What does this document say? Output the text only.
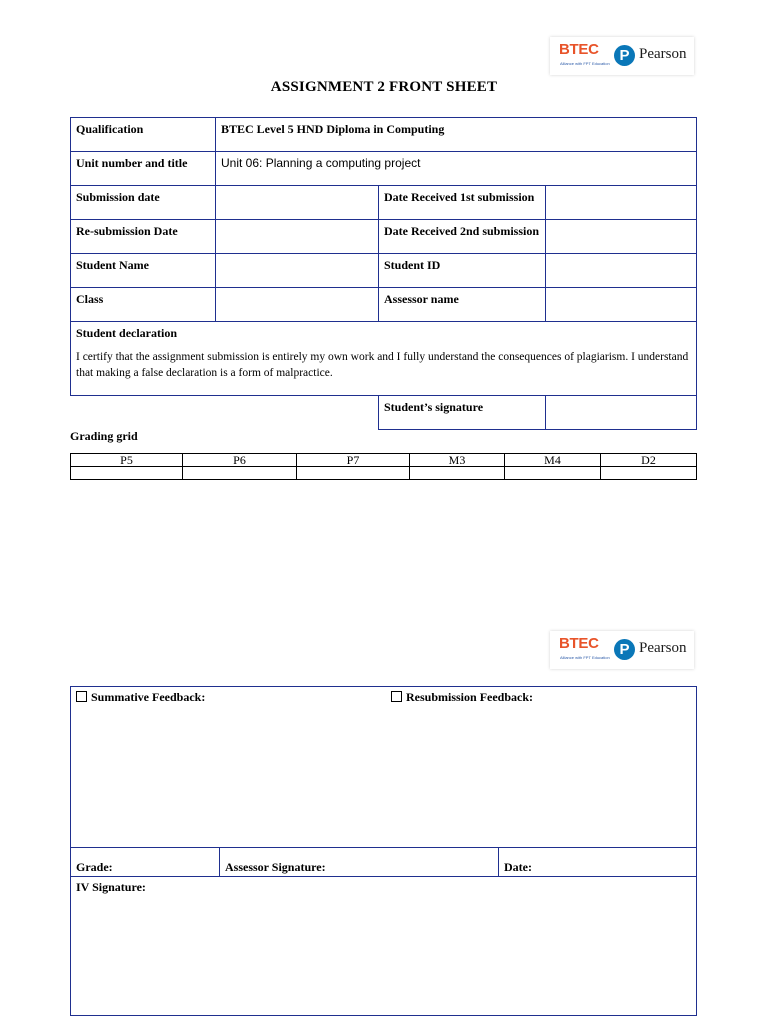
BTEC
Alliance with FPT Education P Pearson
ASSIGNMENT 2 FRONT SHEET
Qualification	BTEC Level 5 HND Diploma in Computing		
Unit number and title	Unit 06: Planning a computing project		
Submission date		Date Received 1st submission	
Re-submission Date		Date Received 2nd submission	
Student Name		Student ID	
Class		Assessor name	

Student declaration
I certify that the assignment submission is entirely my own work and I fully understand the consequences of plagiarism. I understand that making a false declaration is a form of malpractice.			

		Student’s signature	
Grading grid
P5	P6	P7	M3	M4	D2

BTEC
Alliance with FPT Education P Pearson
Summative Feedback:	Resubmission Feedback:

Grade:	Assessor Signature:	Date:
IV Signature:
